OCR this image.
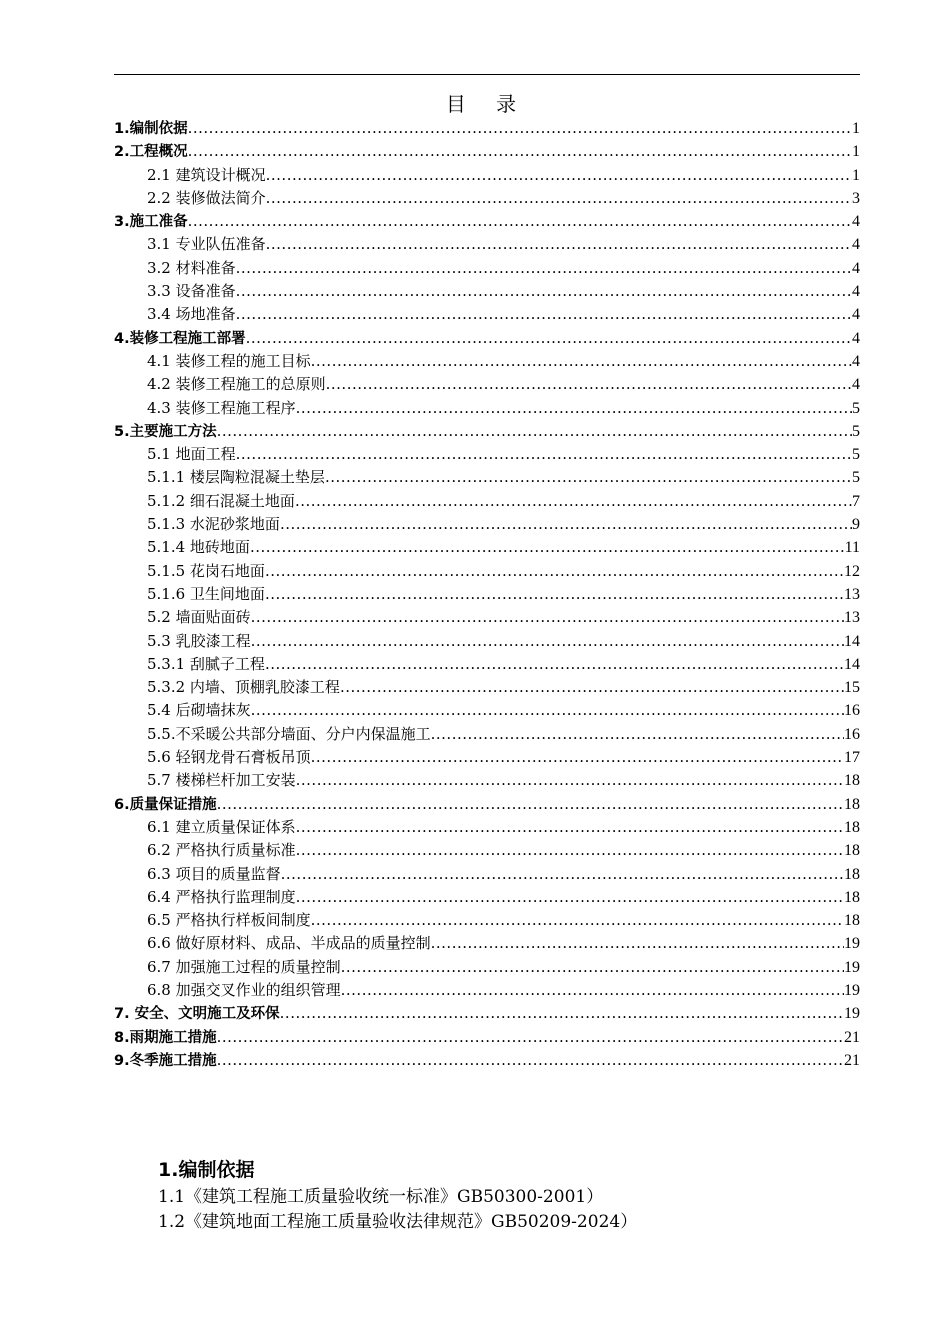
目 录
1.编制依据 .....	1
2.工程概况 .....	1
2.1 建筑设计概况 .....	1
2.2 装修做法简介 .....	3
3.施工准备 .....	4
3.1 专业队伍准备 .....	4
3.2 材料准备 .....	4
3.3 设备准备 .....	4
3.4 场地准备 .....	4
4.装修工程施工部署 .....	4
4.1 装修工程的施工目标 .....	4
4.2 装修工程施工的总原则 .....	4
4.3 装修工程施工程序 .....	5
5.主要施工方法 .....	5
5.1 地面工程 .....	5
5.1.1 楼层陶粒混凝土垫层 .....	5
5.1.2 细石混凝土地面 .....	7
5.1.3 水泥砂浆地面 .....	9
5.1.4 地砖地面 .....	11
5.1.5 花岗石地面 .....	12
5.1.6 卫生间地面 .....	13
5.2 墙面贴面砖 .....	13
5.3 乳胶漆工程 .....	14
5.3.1 刮腻子工程 .....	14
5.3.2 内墙、顶棚乳胶漆工程 .....	15
5.4 后砌墙抹灰 .....	16
5.5.不采暖公共部分墙面、分户内保温施工 .....	16
5.6 轻钢龙骨石膏板吊顶 .....	17
5.7 楼梯栏杆加工安装 .....	18
6.质量保证措施 .....	18
6.1 建立质量保证体系 .....	18
6.2 严格执行质量标准 .....	18
6.3 项目的质量监督 .....	18
6.4 严格执行监理制度 .....	18
6.5 严格执行样板间制度 .....	18
6.6 做好原材料、成品、半成品的质量控制 .....	19
6.7 加强施工过程的质量控制 .....	19
6.8 加强交叉作业的组织管理 .....	19
7. 安全、文明施工及环保 .....	19
8.雨期施工措施 .....	21
9.冬季施工措施 .....	21
1.编制依据
1.1《建筑工程施工质量验收统一标准》GB50300-2001）
1.2《建筑地面工程施工质量验收法律规范》GB50209-2024）
